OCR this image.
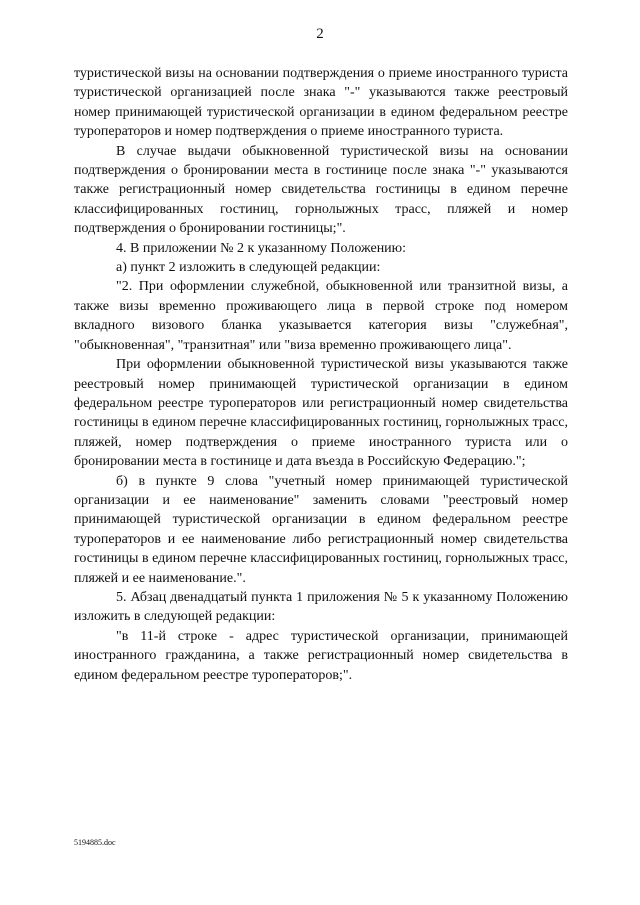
2

туристической визы на основании подтверждения о приеме иностранного туриста туристической организацией после знака "-" указываются также реестровый номер принимающей туристической организации в едином федеральном реестре туроператоров и номер подтверждения о приеме иностранного туриста.

В случае выдачи обыкновенной туристической визы на основании подтверждения о бронировании места в гостинице после знака "-" указываются также регистрационный номер свидетельства гостиницы в едином перечне классифицированных гостиниц, горнолыжных трасс, пляжей и номер подтверждения о бронировании гостиницы;".

4. В приложении № 2 к указанному Положению:

а) пункт 2 изложить в следующей редакции:

"2. При оформлении служебной, обыкновенной или транзитной визы, а также визы временно проживающего лица в первой строке под номером вкладного визового бланка указывается категория визы "служебная", "обыкновенная", "транзитная" или "виза временно проживающего лица".

При оформлении обыкновенной туристической визы указываются также реестровый номер принимающей туристической организации в едином федеральном реестре туроператоров или регистрационный номер свидетельства гостиницы в едином перечне классифицированных гостиниц, горнолыжных трасс, пляжей, номер подтверждения о приеме иностранного туриста или о бронировании места в гостинице и дата въезда в Российскую Федерацию.";

б) в пункте 9 слова "учетный номер принимающей туристической организации и ее наименование" заменить словами "реестровый номер принимающей туристической организации в едином федеральном реестре туроператоров и ее наименование либо регистрационный номер свидетельства гостиницы в едином перечне классифицированных гостиниц, горнолыжных трасс, пляжей и ее наименование.".

5. Абзац двенадцатый пункта 1 приложения № 5 к указанному Положению изложить в следующей редакции:

"в 11-й строке - адрес туристической организации, принимающей иностранного гражданина, а также регистрационный номер свидетельства в едином федеральном реестре туроператоров;".

5194885.doc
